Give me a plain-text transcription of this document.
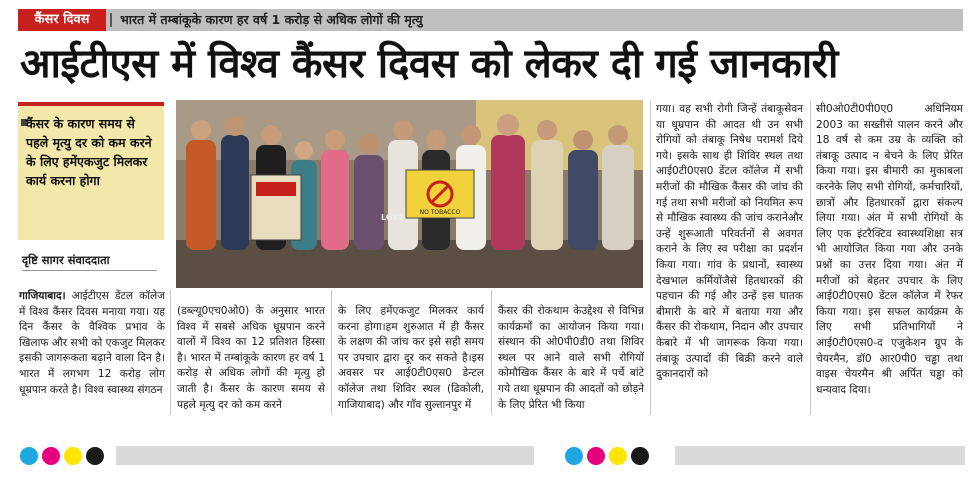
कैंसर दिवस	भारत में तम्बांकूके कारण हर वर्ष 1 करोड़ से अधिक लोगों की मृत्यु
आईटीएस में विश्व कैंसर दिवस को लेकर दी गई जानकारी
कैंसर के कारण समय से पहले मृत्यु दर को कम करने के लिए हमेंएकजुट मिलकर कार्य करना होगा
दृष्टि सागर संवाददाता
NO TOBACCO
LOVE
गाजियाबाद। आईटीएस डेंटल कॉलेज में विश्व कैंसर दिवस मनाया गया। यह दिन कैंसर के वैश्विक प्रभाव के खिलाफ और सभी को एकजुट मिलकर इसकी जागरूकता बढ़ाने वाला दिन है। भारत में लगभग 12 करोड़ लोग धूम्रपान करते है। विश्व स्वास्थ्य संगठन
(डब्ल्यू0एच0ओ0) के अनुसार भारत विश्व में सबसे अधिक धूम्रपान करने वालों में विश्व का 12 प्रतिशत हिस्सा है। भारत में तम्बांकूके कारण हर वर्ष 1 करोड़ से अधिक लोगों की मृत्यु हो जाती है। कैंसर के कारण समय से पहले मृत्यु दर को कम करने
के लिए हमेंएकजुट मिलकर कार्य करना होगा।हम शुरुआत में ही कैंसर के लक्षण की जांच कर इसे सही समय पर उपचार द्वारा दूर कर सकते है।इस अवसर पर आई0टी0एस0 डेन्टल कॉलेज तथा शिविर स्थल (ढिकोली, गाजियाबाद) और गाँव सुल्तानपुर में
कैंसर की रोकथाम केउद्देश्य से विभिन्न कार्यक्रमों का आयोजन किया गया। संस्थान की ओ0पी0डी0 तथा शिविर स्थल पर आने वाले सभी रोगियों कोमौखिक कैंसर के बारे में पर्चे बांटे गये तथा धूम्रपान की आदतों को छोड़ने के लिए प्रेरित भी किया
गया। वह सभी रोगी जिन्हें तंबाकूसेवन या धूम्रपान की आदत थी उन सभी रोगियों को तंबाकू निषेध परामर्श दिये गये। इसके साथ ही शिविर स्थल तथा आई0टी0एस0 डेंटल कॉलेज में सभी मरीजों की मौखिक कैंसर की जांच की गई तथा सभी मरीजों को नियमित रूप से मौखिक स्वास्थ्य की जांच करानेऔर उन्हें शुरूआती परिवर्तनों से अवगत कराने के लिए स्व परीक्षा का प्रदर्शन किया गया। गांव के प्रधानों, स्वास्थ्य देखभाल कर्मियोंजैसे हितधारकों की पहचान की गई और उन्हें इस घातक बीमारी के बारे में बताया गया और कैंसर की रोकथाम, निदान और उपचार केबारे में भी जागरूक किया गया। तंबाकू उत्पादों की बिक्री करने वाले दुकानदारों को
सी0ओ0टी0पी0ए0 अधिनियम 2003 का सख्तीसे पालन करने और 18 वर्ष से कम उम्र के व्यक्ति को तंबाकू उत्पाद न बेचने के लिए प्रेरित किया गया। इस बीमारी का मुकाबला करनेके लिए सभी रोगियों, कर्मचारियों, छात्रों और हितधारकों द्वारा संकल्प लिया गया। अंत में सभी रोगियों के लिए एक इंटरैक्टिव स्वास्थ्यशिक्षा सत्र भी आयोजित किया गया और उनके प्रश्नों का उत्तर दिया गया। अंत में मरीजों को बेहतर उपचार के लिए आई0टी0एस0 डेंटल कॉलेज में रेफर किया गया। इस सफल कार्यक्रम के लिए सभी प्रतिभागियों ने आई0टी0एस0-द एजुकेशन ग्रुप के चेयरमैन, डॉ0 आर0पी0 चड्ढा तथा वाइस चेयरमैन श्री अर्पित चड्ढा को धन्यवाद दिया।
